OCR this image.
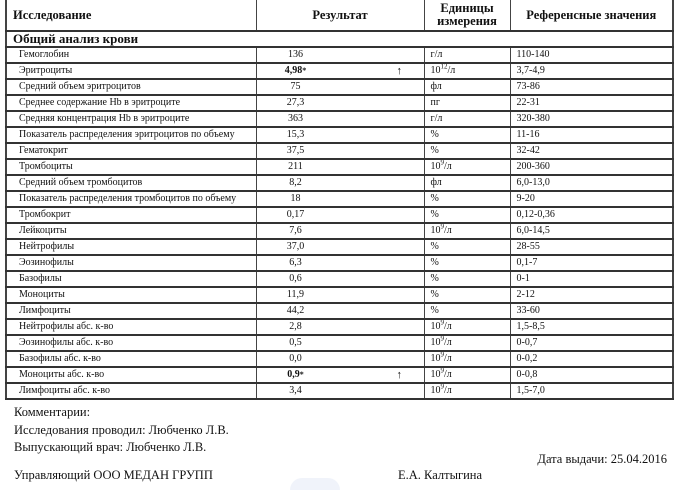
Исследование	Результат	Единицы измерения	Референсные значения
Общий анализ крови			
Гемоглобин	136	г/л	110-140
Эритроциты	4,98* ↑	$10^{12}/л$	3,7-4,9
Средний объем эритроцитов	75	фл	73-86
Среднее содержание Hb в эритроците	27,3	пг	22-31
Средняя концентрация Hb в эритроците	363	г/л	320-380
Показатель распределения эритроцитов по объему	15,3	%	11-16
Гематокрит	37,5	%	32-42
Тромбоциты	211	$10^9/л$	200-360
Средний объем тромбоцитов	8,2	фл	6,0-13,0
Показатель распределения тромбоцитов по объему	18	%	9-20
Тромбокрит	0,17	%	0,12-0,36
Лейкоциты	7,6	$10^9/л$	6,0-14,5
Нейтрофилы	37,0	%	28-55
Эозинофилы	6,3	%	0,1-7
Базофилы	0,6	%	0-1
Моноциты	11,9	%	2-12
Лимфоциты	44,2	%	33-60
Нейтрофилы абс. к-во	2,8	$10^9/л$	1,5-8,5
Эозинофилы абс. к-во	0,5	$10^9/л$	0-0,7
Базофилы абс. к-во	0,0	$10^9/л$	0-0,2
Моноциты абс. к-во	0,9* ↑	$10^9/л$	0-0,8
Лимфоциты абс. к-во	3,4	$10^9/л$	1,5-7,0
Комментарии:
Исследования проводил: Любченко Л.В.
Выпускающий врач: Любченко Л.В.
Дата выдачи: 25.04.2016
Управляющий ООО МЕДАН ГРУПП	Е.А. Калтыгина
